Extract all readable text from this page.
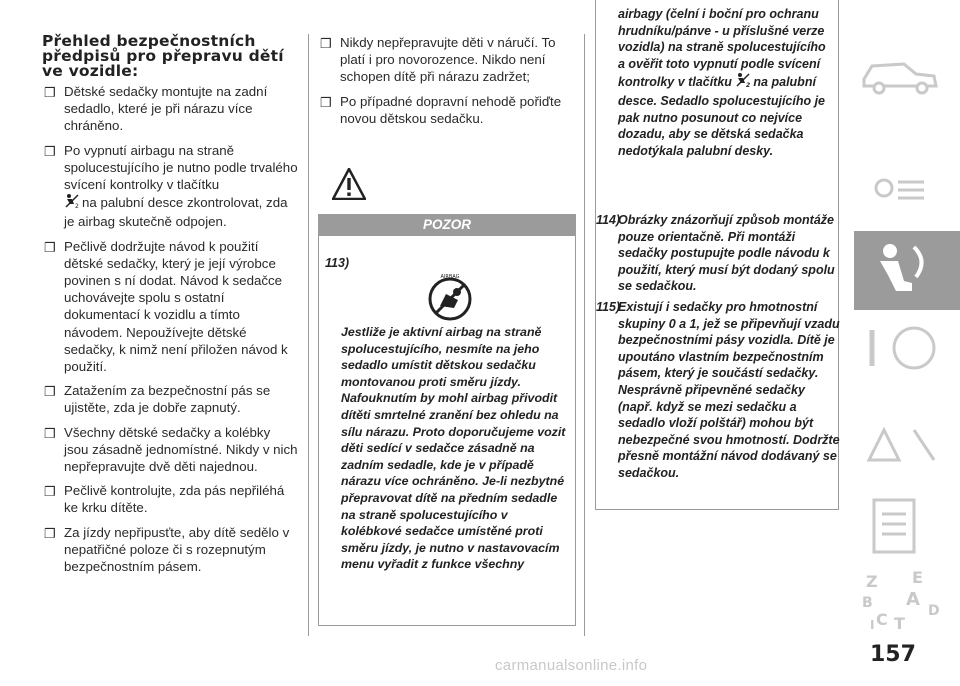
Přehled bezpečnostních předpisů pro přepravu dětí ve vozidle:
❒ Dětské sedačky montujte na zadní sedadlo, které je při nárazu více chráněno.
❒ Po vypnutí airbagu na straně spolucestujícího je nutno podle trvalého svícení kontrolky v tlačítku

2 na palubní desce zkontrolovat, zda je airbag skutečně odpojen.
❒ Pečlivě dodržujte návod k použití dětské sedačky, který je její výrobce povinen s ní dodat. Návod k sedačce uchovávejte spolu s ostatní dokumentací k vozidlu a tímto návodem. Nepoužívejte dětské sedačky, k nimž není přiložen návod k použití.
❒ Zatažením za bezpečnostní pás se ujistěte, zda je dobře zapnutý.
❒ Všechny dětské sedačky a kolébky jsou zásadně jednomístné. Nikdy v nich nepřepravujte dvě děti najednou.
❒ Pečlivě kontrolujte, zda pás nepřiléhá ke krku dítěte.
❒ Za jízdy nepřipusťte, aby dítě sedělo v nepatřičné poloze či s rozepnutým bezpečnostním pásem.
❒ Nikdy nepřepravujte děti v náručí. To platí i pro novorozence. Nikdo není schopen dítě při nárazu zadržet;
❒ Po případné dopravní nehodě pořiďte novou dětskou sedačku.
POZOR
113)
AIRBAG
Jestliže je aktivní airbag na straně spolucestujícího, nesmíte na jeho sedadlo umístit dětskou sedačku montovanou proti směru jízdy. Nafouknutím by mohl airbag přivodit dítěti smrtelné zranění bez ohledu na sílu nárazu. Proto doporučujeme vozit děti sedící v sedačce zásadně na zadním sedadle, kde je v případě nárazu více ochráněno. Je-li nezbytné přepravovat dítě na předním sedadle na straně spolucestujícího v kolébkové sedačce umístěné proti směru jízdy, je nutno v nastavovacím menu vyřadit z funkce všechny
airbagy (čelní i boční pro ochranu hrudníku/pánve - u příslušné verze vozidla) na straně spolucestujícího a ověřit toto vypnutí podle svícení kontrolky v tlačítku 2 na palubní desce. Sedadlo spolucestujícího je pak nutno posunout co nejvíce dozadu, aby se dětská sedačka nedotýkala palubní desky.
114)
Obrázky znázorňují způsob montáže pouze orientačně. Při montáži sedačky postupujte podle návodu k použití, který musí být dodaný spolu se sedačkou.
115)
Existují i sedačky pro hmotnostní skupiny 0 a 1, jež se připevňují vzadu bezpečnostními pásy vozidla. Dítě je upoutáno vlastním bezpečnostním pásem, který je součástí sedačky. Nesprávně připevněné sedačky (např. když se mezi sedačku a sedadlo vloží polštář) mohou být nebezpečné svou hmotností. Dodržte přesně montážní návod dodávaný se sedačkou.
Z E
B A
C	D
T
I
157
carmanualsonline.info
